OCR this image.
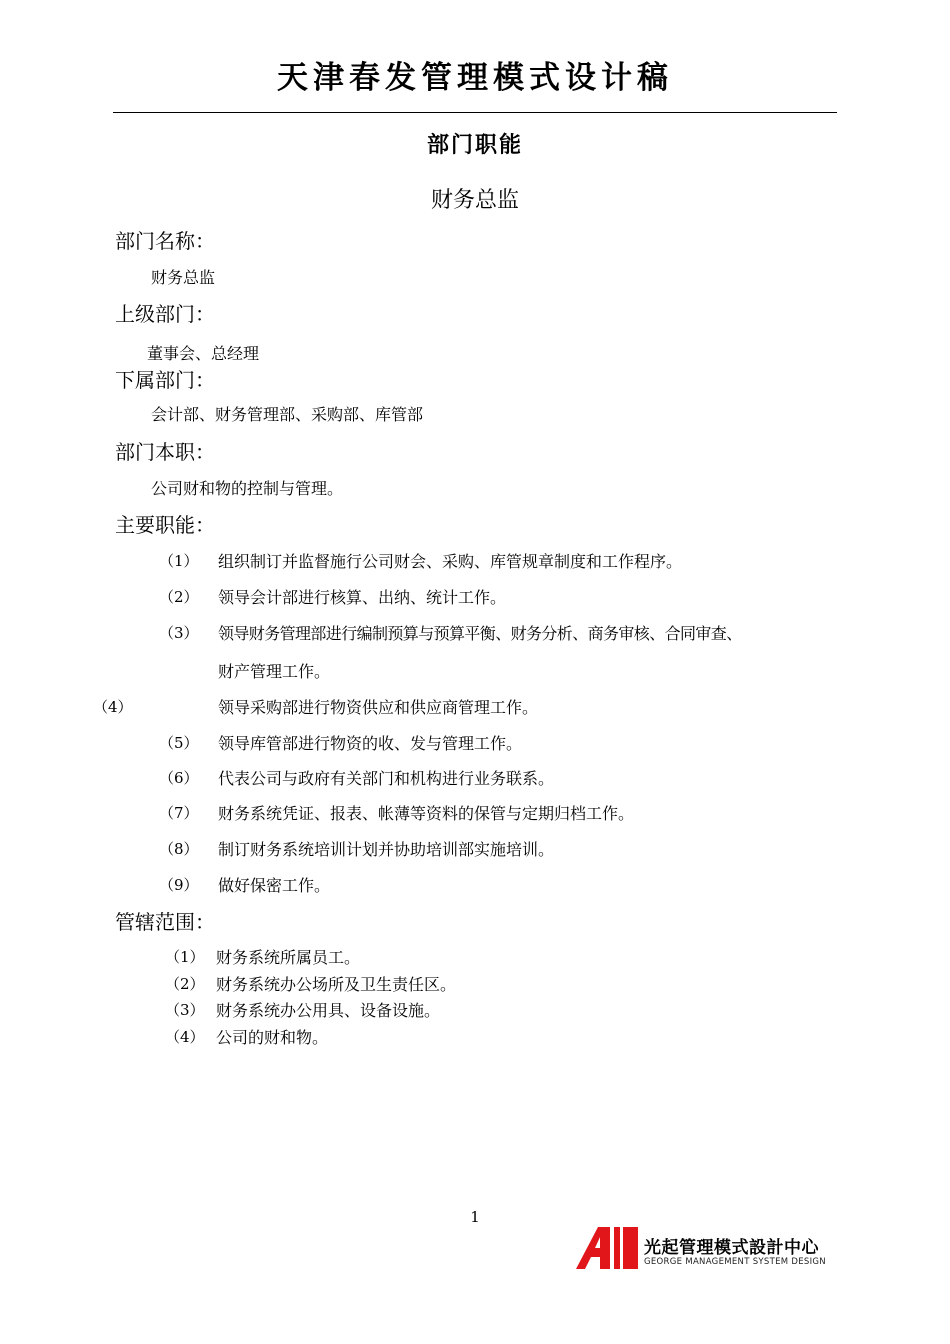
天津春发管理模式设计稿
部门职能
财务总监
部门名称：
财务总监
上级部门：
董事会、总经理
下属部门：
会计部、财务管理部、采购部、库管部
部门本职：
公司财和物的控制与管理。
主要职能：
（1） 组织制订并监督施行公司财会、采购、库管规章制度和工作程序。
（2） 领导会计部进行核算、出纳、统计工作。
（3） 领导财务管理部进行编制预算与预算平衡、财务分析、商务审核、合同审查、
财产管理工作。
（4）	领导采购部进行物资供应和供应商管理工作。
（5） 领导库管部进行物资的收、发与管理工作。
（6） 代表公司与政府有关部门和机构进行业务联系。
（7） 财务系统凭证、报表、帐薄等资料的保管与定期归档工作。
（8） 制订财务系统培训计划并协助培训部实施培训。
（9） 做好保密工作。
管辖范围：
（1） 财务系统所属员工。
（2） 财务系统办公场所及卫生责任区。
（3） 财务系统办公用具、设备设施。
（4） 公司的财和物。
1
光起管理模式設計中心
GEORGE MANAGEMENT SYSTEM DESIGN
